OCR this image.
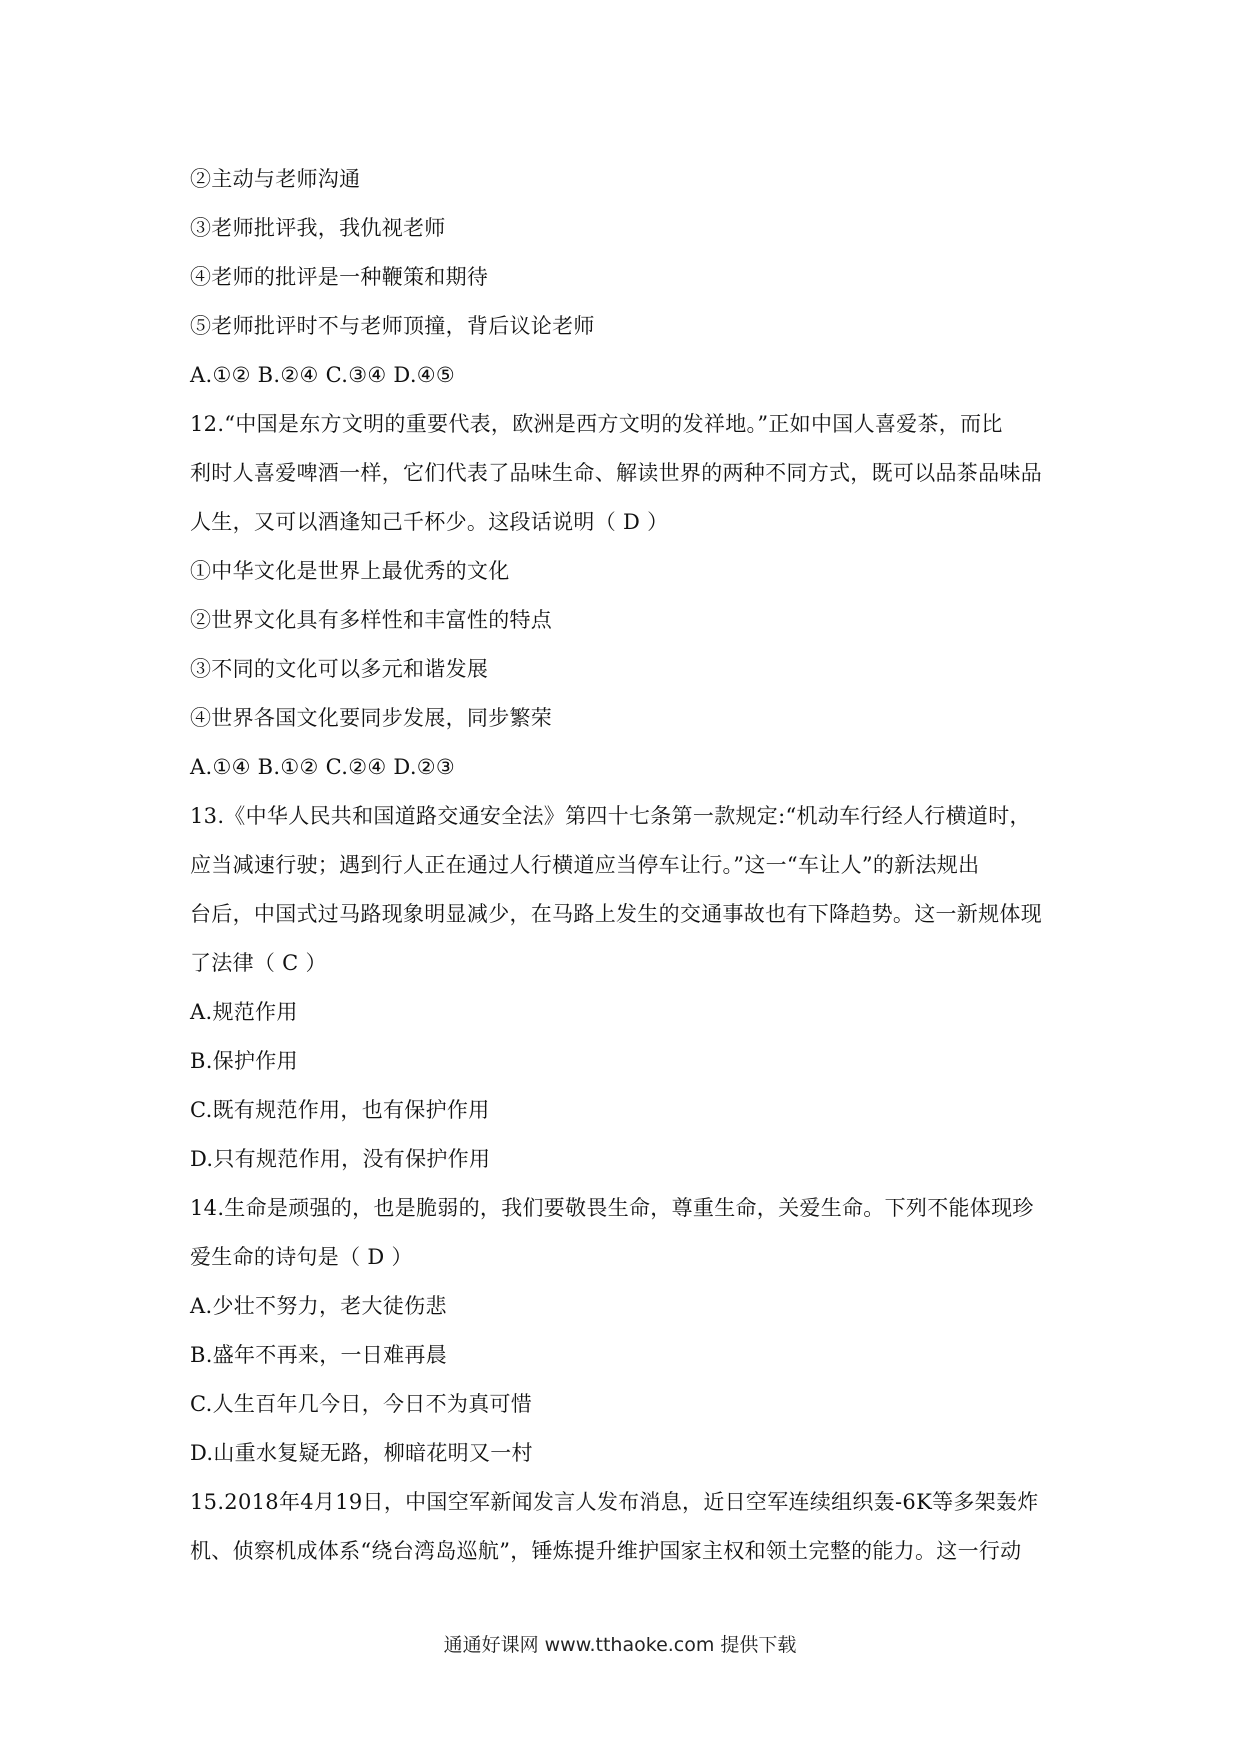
②主动与老师沟通
③老师批评我，我仇视老师
④老师的批评是一种鞭策和期待
⑤老师批评时不与老师顶撞，背后议论老师
A.①② B.②④ C.③④ D.④⑤
12.“中国是东方文明的重要代表，欧洲是西方文明的发祥地。”正如中国人喜爱茶，而比
利时人喜爱啤酒一样，它们代表了品味生命、解读世界的两种不同方式，既可以品茶品味品
人生，又可以酒逢知己千杯少。这段话说明（ D ）
①中华文化是世界上最优秀的文化
②世界文化具有多样性和丰富性的特点
③不同的文化可以多元和谐发展
④世界各国文化要同步发展，同步繁荣
A.①④ B.①② C.②④ D.②③
13.《中华人民共和国道路交通安全法》第四十七条第一款规定:“机动车行经人行横道时，
应当减速行驶；遇到行人正在通过人行横道应当停车让行。”这一“车让人”的新法规出
台后，中国式过马路现象明显减少，在马路上发生的交通事故也有下降趋势。这一新规体现
了法律（ C ）
A.规范作用
B.保护作用
C.既有规范作用，也有保护作用
D.只有规范作用，没有保护作用
14.生命是顽强的，也是脆弱的，我们要敬畏生命，尊重生命，关爱生命。下列不能体现珍
爱生命的诗句是（ D ）
A.少壮不努力，老大徒伤悲
B.盛年不再来，一日难再晨
C.人生百年几今日，今日不为真可惜
D.山重水复疑无路，柳暗花明又一村
15.2018年4月19日，中国空军新闻发言人发布消息，近日空军连续组织轰-6K等多架轰炸
机、侦察机成体系“绕台湾岛巡航”，锤炼提升维护国家主权和领土完整的能力。这一行动
通通好课网 www.tthaoke.com 提供下载
